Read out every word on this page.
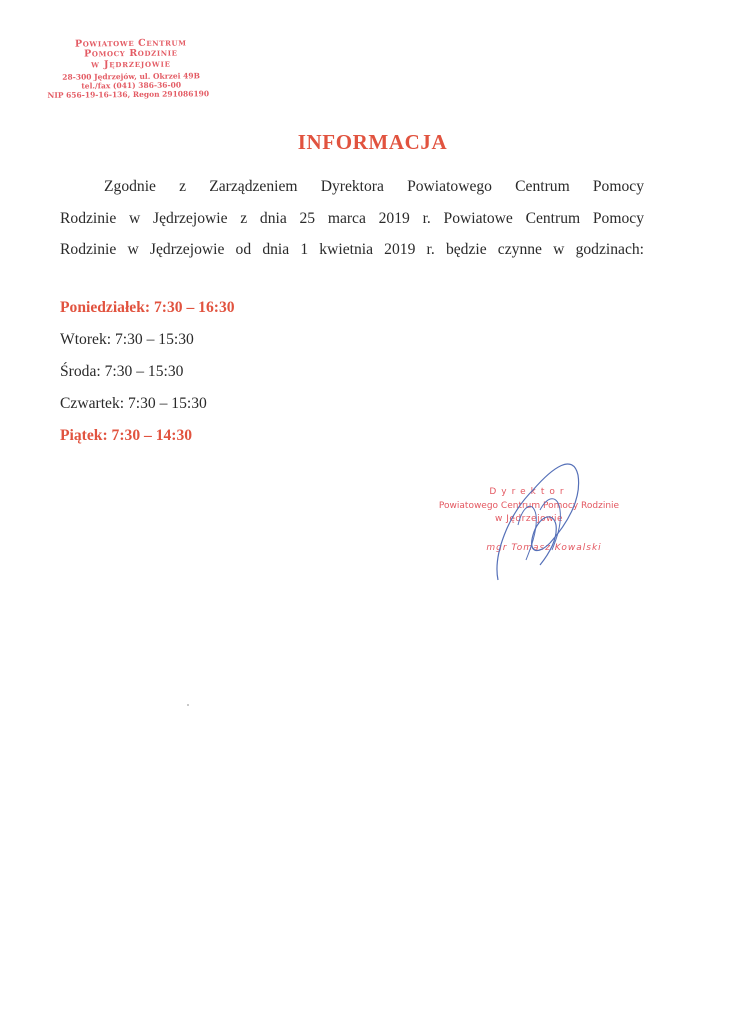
Powiatowe Centrum
Pomocy Rodzinie
w Jędrzejowie
28-300 Jędrzejów, ul. Okrzei 49B
tel./fax (041) 386-36-00
NIP 656-19-16-136, Regon 291086190
INFORMACJA
Zgodnie z Zarządzeniem Dyrektora Powiatowego Centrum Pomocy
Rodzinie w Jędrzejowie z dnia 25 marca 2019 r. Powiatowe Centrum Pomocy
Rodzinie w Jędrzejowie od dnia 1 kwietnia 2019 r. będzie czynne w godzinach:
Poniedziałek: 7:30 – 16:30
Wtorek: 7:30 – 15:30
Środa: 7:30 – 15:30
Czwartek: 7:30 – 15:30
Piątek: 7:30 – 14:30
Dyrektor
Powiatowego Centrum Pomocy Rodzinie
w Jędrzejowie
mgr Tomasz Kowalski
